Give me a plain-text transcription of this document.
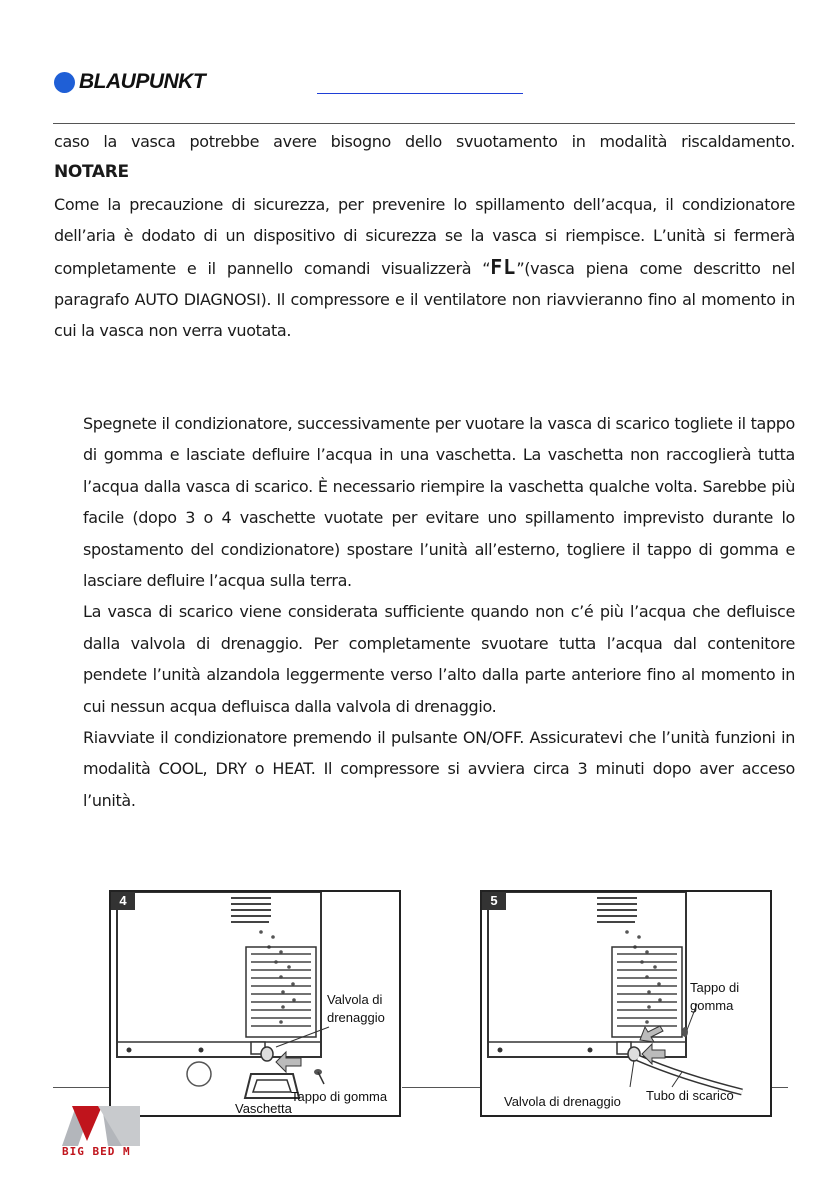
BLAUPUNKT

caso la vasca potrebbe avere bisogno dello svuotamento in modalità riscaldamento.

NOTARE

Come la precauzione di sicurezza, per prevenire lo spillamento dell’acqua, il condizionatore dell’aria è dodato di un dispositivo di sicurezza se la vasca si riempisce. L’unità si fermerà completamente e il pannello comandi visualizzerà “FL”(vasca piena come descritto nel paragrafo AUTO DIAGNOSI). Il compressore e il ventilatore non riavvieranno fino al momento in cui la vasca non verra vuotata.

Spegnete il condizionatore, successivamente per vuotare la vasca di scarico togliete il tappo di gomma e lasciate defluire l’acqua in una vaschetta. La vaschetta non raccoglierà tutta l’acqua dalla vasca di scarico. È necessario riempire la vaschetta qualche volta. Sarebbe più facile (dopo 3 o 4 vaschette vuotate per evitare uno spillamento imprevisto durante lo spostamento del condizionatore) spostare l’unità all’esterno, togliere il tappo di gomma e lasciare defluire l’acqua sulla terra.

La vasca di scarico viene considerata sufficiente quando non c’é più l’acqua che defluisce dalla valvola di drenaggio. Per completamente svuotare tutta l’acqua dal contenitore pendete l’unità alzandola leggermente verso l’alto dalla parte anteriore fino al momento in cui nessun acqua defluisca dalla valvola di drenaggio.

Riavviate il condizionatore premendo il pulsante ON/OFF. Assicuratevi che l’unità funzioni in modalità COOL, DRY o HEAT. Il compressore si avviera circa 3 minuti dopo aver acceso l’unità.

4
Valvola di
drenaggio
Tappo di gomma
Vaschetta
5
Tappo di
gomma
Valvola di drenaggio Tubo di scarico
BIG BED M
